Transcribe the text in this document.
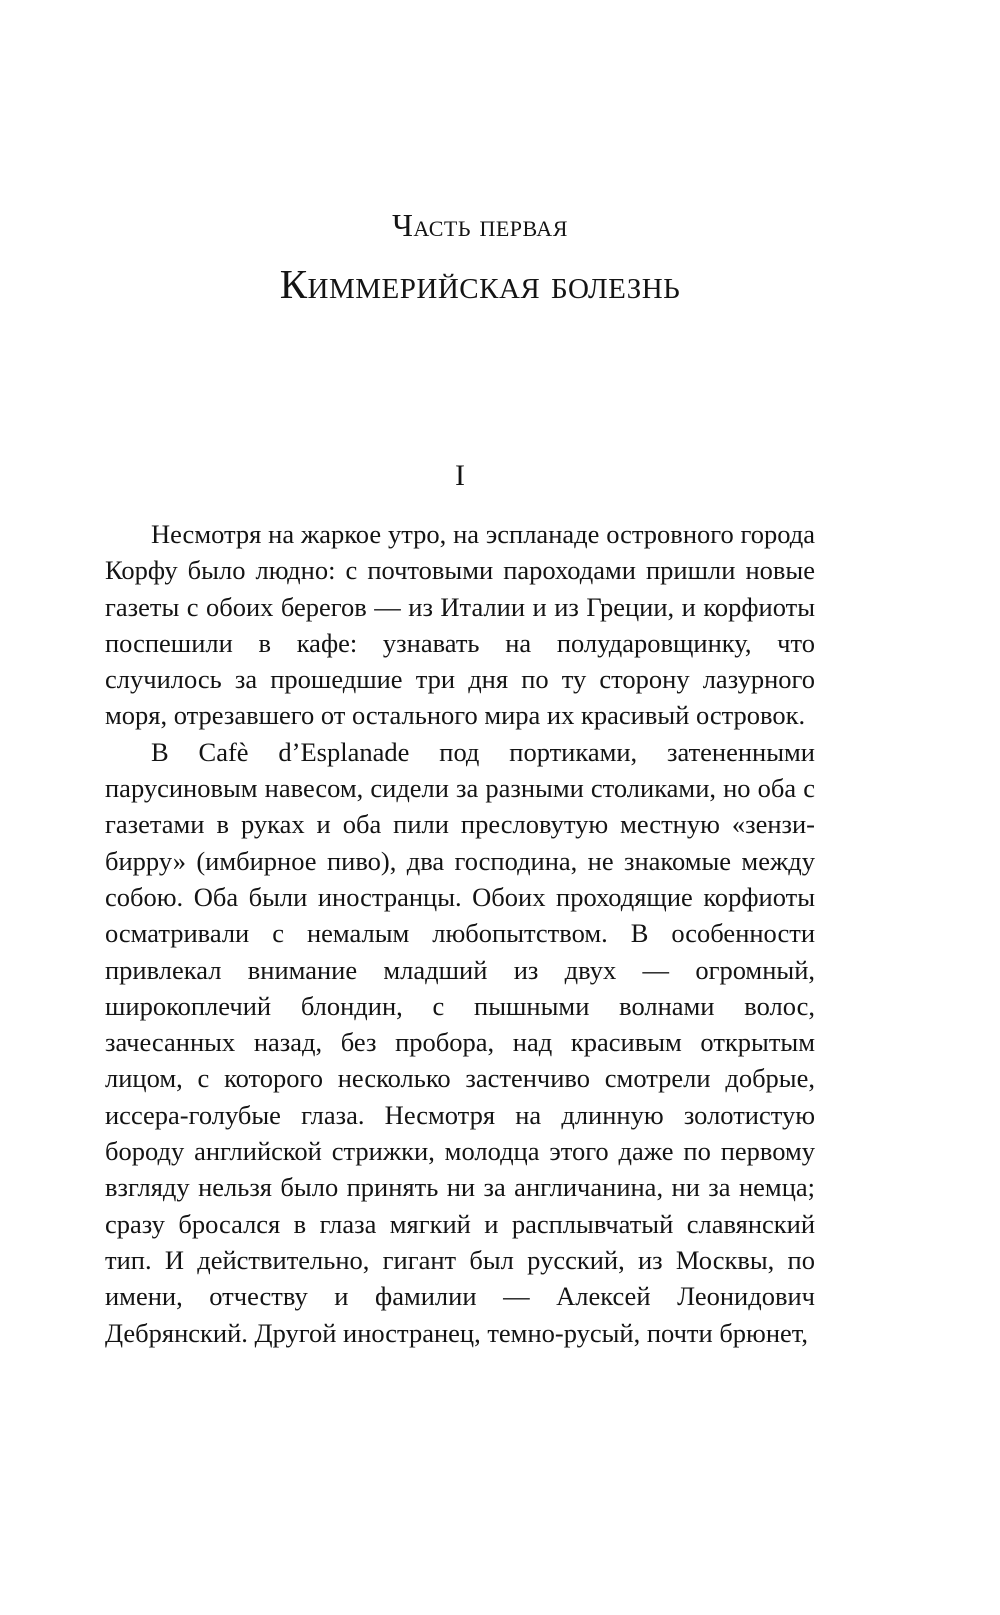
Часть первая
Киммерийская болезнь
I

Несмотря на жаркое утро, на эспланаде островного города Корфу было людно: с почтовыми пароходами пришли новые газеты с обоих берегов — из Италии и из Греции, и корфиоты поспешили в кафе: узнавать на полударовщинку, что случилось за прошедшие три дня по ту сторону лазурного моря, отрезавшего от остального мира их красивый островок.

В Cafè d’Esplanade под портиками, затененными парусиновым навесом, сидели за разными столиками, но оба с газетами в руках и оба пили пресловутую местную «зензи-бирру» (имбирное пиво), два господина, не знакомые между собою. Оба были иностранцы. Обоих проходящие корфиоты осматривали с немалым любопытством. В особенности привлекал внимание младший из двух — огромный, широкоплечий блондин, с пышными волнами волос, зачесанных назад, без пробора, над красивым открытым лицом, с которого несколько застенчиво смотрели добрые, иссера-голубые глаза. Несмотря на длинную золотистую бороду английской стрижки, молодца этого даже по первому взгляду нельзя было принять ни за англичанина, ни за немца; сразу бросался в глаза мягкий и расплывчатый славянский тип. И действительно, гигант был русский, из Москвы, по имени, отчеству и фамилии — Алексей Леонидович Дебрянский. Другой иностранец, темно-русый, почти брюнет,
